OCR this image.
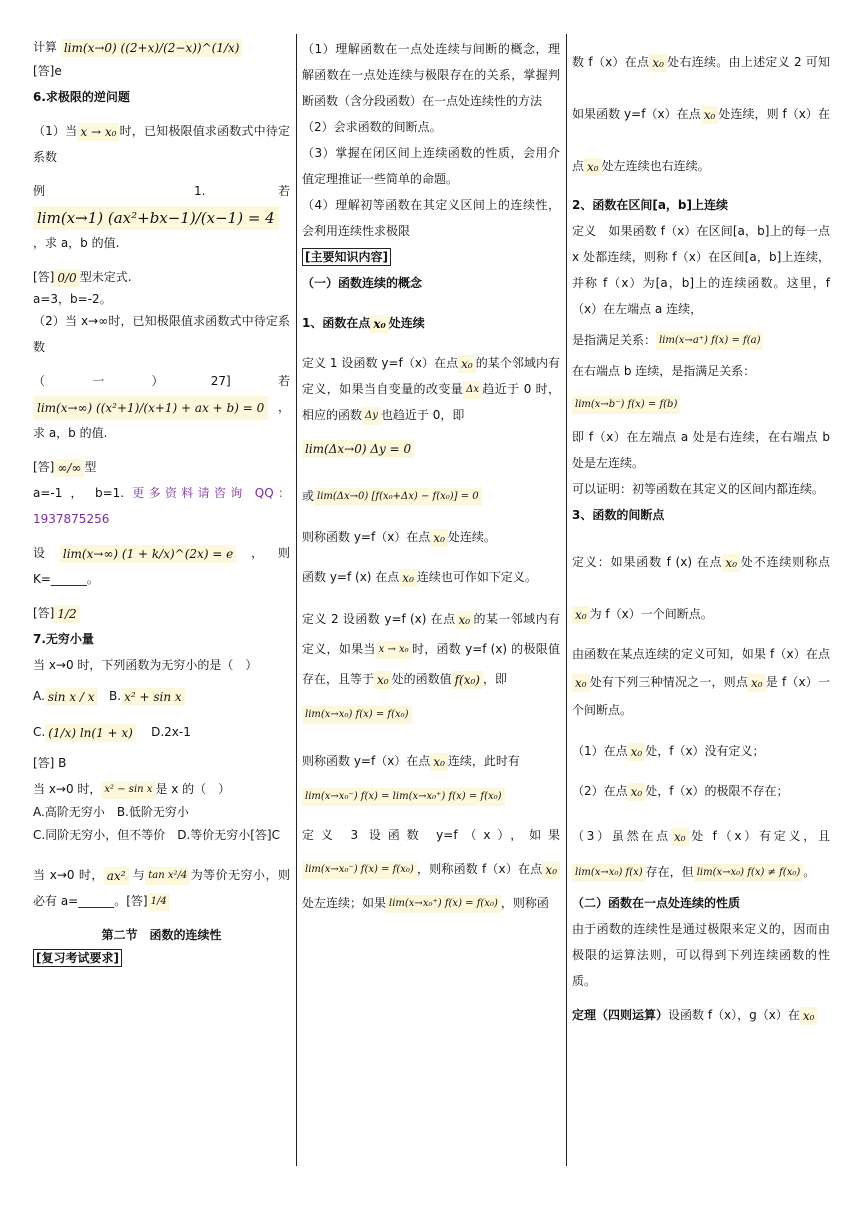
计算 lim(x→0) ((2+x)/(2−x))^(1/x)

[答]e

6.求极限的逆问题

（1）当 x → x₀ 时，已知极限值求函数式中待定系数

例 1.若lim(x→1) (ax²+bx−1)/(x−1) = 4，求 a，b 的值.

[答] 0/0 型未定式.

a=3，b=-2。

（2）当 x→∞时，已知极限值求函数式中待定系数

（一）27]若lim(x→∞) ((x²+1)/(x+1) + ax + b) = 0 ，求 a，b 的值.

[答] ∞/∞ 型

a=-1 ， b=1. 更多资料请咨询 QQ：1937875256

设 lim(x→∞) (1 + k/x)^(2x) = e ，则 K=______。

[答] 1/2

7.无穷小量

当 x→0 时，下列函数为无穷小的是（　）

A. sin x / x B. x² + sin x

C. (1/x) ln(1 + x) D.2x-1

[答] B

当 x→0 时， x² − sin x 是 x 的（　）

A.高阶无穷小　B.低阶无穷小

C.同阶无穷小，但不等价　D.等价无穷小[答]C

当 x→0 时， ax² 与 tan x²/4 为等价无穷小，则必有 a=______。[答] 1/4

第二节　函数的连续性

[复习考试要求]

（1）理解函数在一点处连续与间断的概念，理解函数在一点处连续与极限存在的关系，掌握判断函数（含分段函数）在一点处连续性的方法

（2）会求函数的间断点。

（3）掌握在闭区间上连续函数的性质，会用介值定理推证一些简单的命题。

（4）理解初等函数在其定义区间上的连续性，会利用连续性求极限

[主要知识内容]

（一）函数连续的概念

1、函数在点 x₀ 处连续

定义 1 设函数 y=f（x）在点 x₀ 的某个邻域内有定义，如果当自变量的改变量 Δx 趋近于 0 时，相应的函数 Δy 也趋近于 0，即

lim(Δx→0) Δy = 0

或 lim(Δx→0) [f(x₀+Δx) − f(x₀)] = 0

则称函数 y=f（x）在点 x₀ 处连续。

函数 y=f (x) 在点 x₀ 连续也可作如下定义。

定义 2 设函数 y=f (x) 在点 x₀ 的某一邻域内有定义，如果当 x → x₀ 时，函数 y=f (x) 的极限值存在，且等于 x₀ 处的函数值 f(x₀) ，即

lim(x→x₀) f(x) = f(x₀)

则称函数 y=f（x）在点 x₀ 连续，此时有

lim(x→x₀⁻) f(x) = lim(x→x₀⁺) f(x) = f(x₀)

定义 3 设函数 y=f（x），如果lim(x→x₀⁻) f(x) = f(x₀) ，则称函数 f（x）在点 x₀处左连续；如果 lim(x→x₀⁺) f(x) = f(x₀) ，则称函

数 f（x）在点 x₀ 处右连续。由上述定义 2 可知如果函数 y=f（x）在点 x₀ 处连续，则 f（x）在点 x₀ 处左连续也右连续。

2、函数在区间[a，b]上连续

定义　如果函数 f（x）在区间[a，b]上的每一点 x 处都连续，则称 f（x）在区间[a，b]上连续，并称 f（x）为[a，b]上的连续函数。这里，f（x）在左端点 a 连续，

是指满足关系： lim(x→a⁺) f(x) = f(a)

在右端点 b 连续，是指满足关系：

lim(x→b⁻) f(x) = f(b)

即 f（x）在左端点 a 处是右连续，在右端点 b 处是左连续。

可以证明：初等函数在其定义的区间内都连续。

3、函数的间断点

定义：如果函数 f (x) 在点 x₀ 处不连续则称点x₀ 为 f（x）一个间断点。

由函数在某点连续的定义可知，如果 f（x）在点x₀ 处有下列三种情况之一，则点 x₀ 是 f（x）一个间断点。

（1）在点 x₀ 处，f（x）没有定义；

（2）在点 x₀ 处，f（x）的极限不存在；

（3）虽然在点 x₀ 处 f（x）有定义，且lim(x→x₀) f(x) 存在，但 lim(x→x₀) f(x) ≠ f(x₀) 。

（二）函数在一点处连续的性质

由于函数的连续性是通过极限来定义的，因而由极限的运算法则，可以得到下列连续函数的性质。

定理（四则运算）设函数 f（x），g（x）在 x₀
